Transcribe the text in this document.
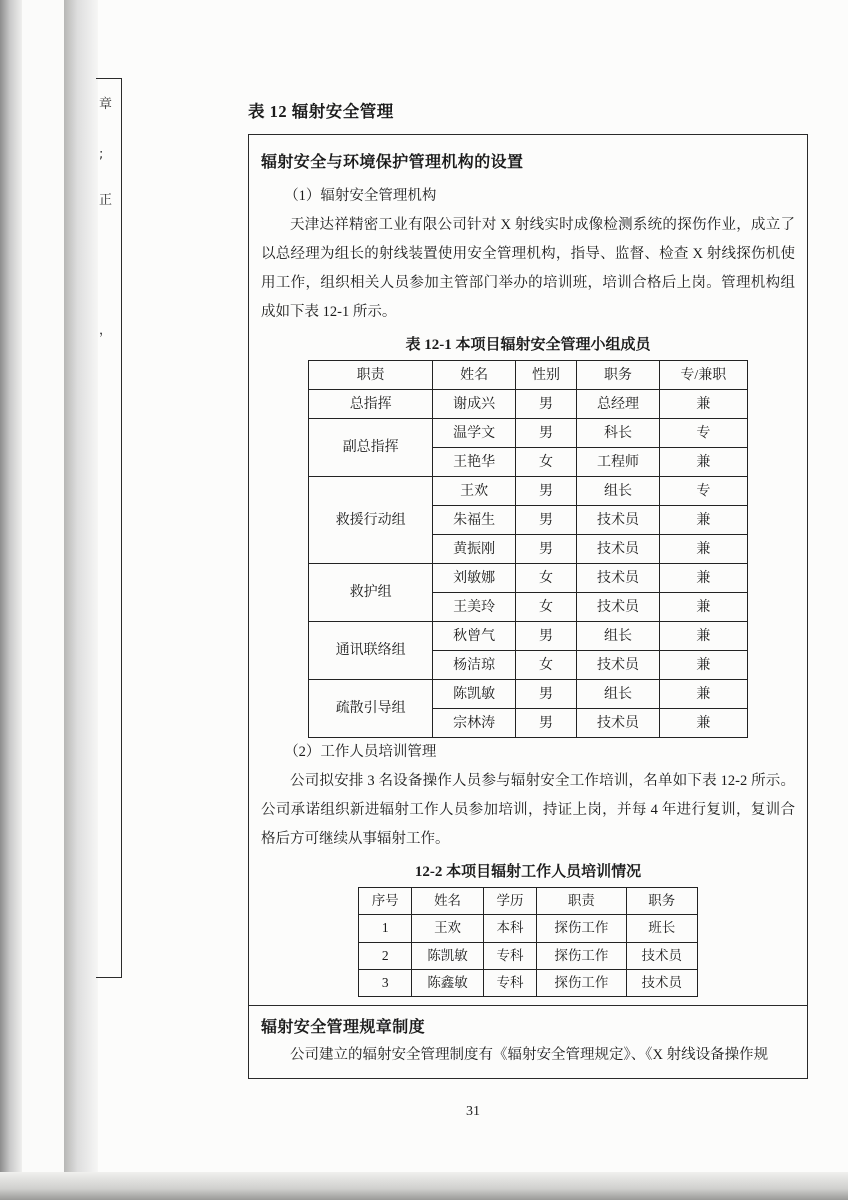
章
;
正
，
表 12 辐射安全管理
辐射安全与环境保护管理机构的设置
（1）辐射安全管理机构

天津达祥精密工业有限公司针对 X 射线实时成像检测系统的探伤作业，成立了以总经理为组长的射线装置使用安全管理机构，指导、监督、检查 X 射线探伤机使用工作，组织相关人员参加主管部门举办的培训班，培训合格后上岗。管理机构组成如下表 12-1 所示。

表 12-1 本项目辐射安全管理小组成员
职责	姓名	性别	职务	专/兼职
总指挥	谢成兴	男	总经理	兼
副总指挥	温学文	男	科长	专
	王艳华	女	工程师	兼
救援行动组	王欢	男	组长	专
	朱福生	男	技术员	兼
	黄振刚	男	技术员	兼
救护组	刘敏娜	女	技术员	兼
	王美玲	女	技术员	兼
通讯联络组	秋曾气	男	组长	兼
	杨洁琼	女	技术员	兼
疏散引导组	陈凯敏	男	组长	兼
	宗林涛	男	技术员	兼
（2）工作人员培训管理

公司拟安排 3 名设备操作人员参与辐射安全工作培训，名单如下表 12-2 所示。公司承诺组织新进辐射工作人员参加培训，持证上岗，并每 4 年进行复训，复训合格后方可继续从事辐射工作。

12-2 本项目辐射工作人员培训情况
序号	姓名	学历	职责	职务
1	王欢	本科	探伤工作	班长
2	陈凯敏	专科	探伤工作	技术员
3	陈鑫敏	专科	探伤工作	技术员
辐射安全管理规章制度

公司建立的辐射安全管理制度有《辐射安全管理规定》、《X 射线设备操作规

31
